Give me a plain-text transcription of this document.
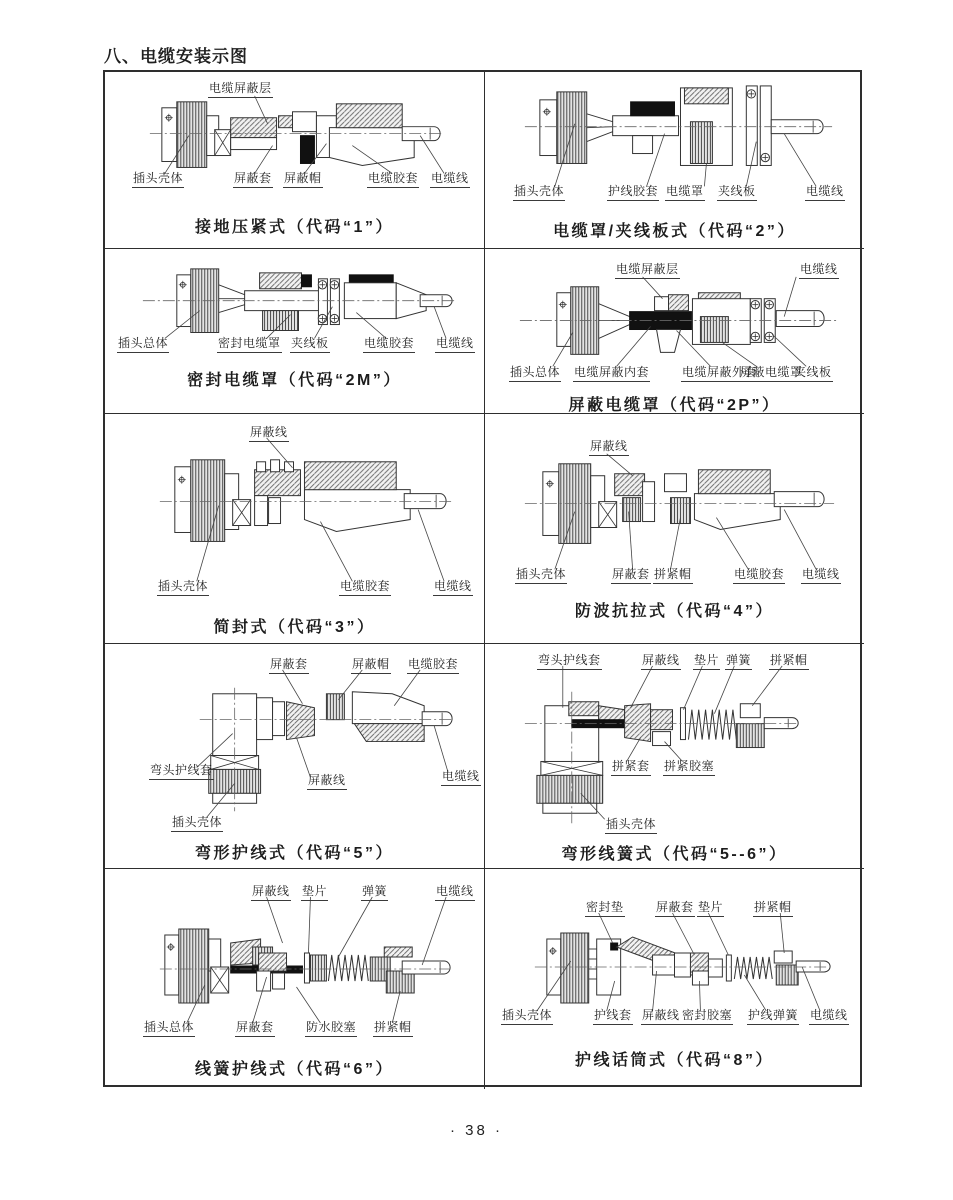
八、电缆安装示图
电缆屏蔽层
插头壳体	屏蔽套 屏蔽帽	电缆胶套 电缆线
接地压紧式（代码“1”）
插头壳体	护线胶套 电缆罩 夹线板	电缆线
电缆罩/夹线板式（代码“2”）
插头总体	密封电缆罩 夹线板	电缆胶套 电缆线
密封电缆罩（代码“2M”）
电缆屏蔽层	电缆线
插头总体 电缆屏蔽内套	电缆屏蔽外套
屏蔽电缆罩
夹线板
屏蔽电缆罩（代码“2P”）
屏蔽线
插头壳体	电缆胶套	电缆线
简封式（代码“3”）
屏蔽线
插头壳体	屏蔽套 拼紧帽	电缆胶套 电缆线
防波抗拉式（代码“4”）
屏蔽套	屏蔽帽 电缆胶套
弯头护线套
屏蔽线	电缆线
插头壳体
弯形护线式（代码“5”）
弯头护线套	屏蔽线 垫片 弹簧 拼紧帽
拼紧套 拼紧胶塞
插头壳体
弯形线簧式（代码“5--6”）
屏蔽线 垫片	弹簧	电缆线
插头总体	屏蔽套	防水胶塞 拼紧帽
线簧护线式（代码“6”）
密封垫	屏蔽套 垫片	拼紧帽
插头壳体	护线套 屏蔽线 密封胶塞 护线弹簧 电缆线
护线话筒式（代码“8”）
· 38 ·
